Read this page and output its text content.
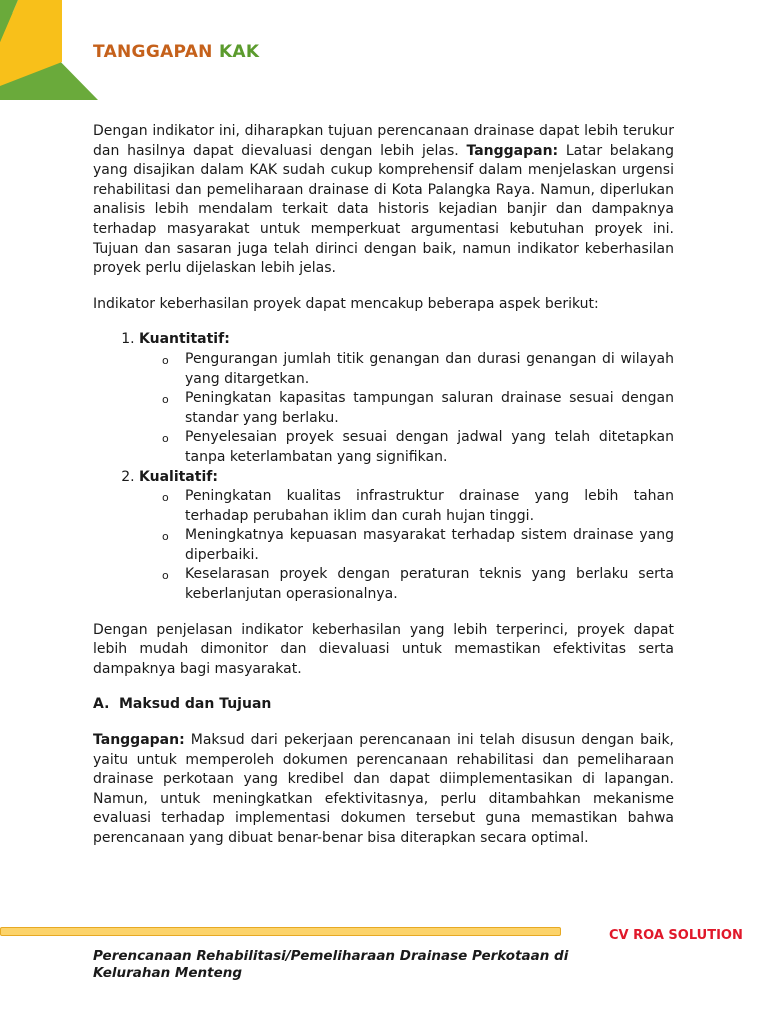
TANGGAPAN KAK

Dengan indikator ini, diharapkan tujuan perencanaan drainase dapat lebih terukur dan hasilnya dapat dievaluasi dengan lebih jelas. Tanggapan: Latar belakang yang disajikan dalam KAK sudah cukup komprehensif dalam menjelaskan urgensi rehabilitasi dan pemeliharaan drainase di Kota Palangka Raya. Namun, diperlukan analisis lebih mendalam terkait data historis kejadian banjir dan dampaknya terhadap masyarakat untuk memperkuat argumentasi kebutuhan proyek ini. Tujuan dan sasaran juga telah dirinci dengan baik, namun indikator keberhasilan proyek perlu dijelaskan lebih jelas.

Indikator keberhasilan proyek dapat mencakup beberapa aspek berikut:

1. Kuantitatif:
o Pengurangan jumlah titik genangan dan durasi genangan di wilayah yang ditargetkan.
o Peningkatan kapasitas tampungan saluran drainase sesuai dengan standar yang berlaku.
o Penyelesaian proyek sesuai dengan jadwal yang telah ditetapkan tanpa keterlambatan yang signifikan.
2. Kualitatif:
o Peningkatan kualitas infrastruktur drainase yang lebih tahan terhadap perubahan iklim dan curah hujan tinggi.
o Meningkatnya kepuasan masyarakat terhadap sistem drainase yang diperbaiki.
o Keselarasan proyek dengan peraturan teknis yang berlaku serta keberlanjutan operasionalnya.

Dengan penjelasan indikator keberhasilan yang lebih terperinci, proyek dapat lebih mudah dimonitor dan dievaluasi untuk memastikan efektivitas serta dampaknya bagi masyarakat.

A. Maksud dan Tujuan

Tanggapan: Maksud dari pekerjaan perencanaan ini telah disusun dengan baik, yaitu untuk memperoleh dokumen perencanaan rehabilitasi dan pemeliharaan drainase perkotaan yang kredibel dan dapat diimplementasikan di lapangan. Namun, untuk meningkatkan efektivitasnya, perlu ditambahkan mekanisme evaluasi terhadap implementasi dokumen tersebut guna memastikan bahwa perencanaan yang dibuat benar-benar bisa diterapkan secara optimal.

CV ROA SOLUTION
Perencanaan Rehabilitasi/Pemeliharaan Drainase Perkotaan di Kelurahan Menteng
